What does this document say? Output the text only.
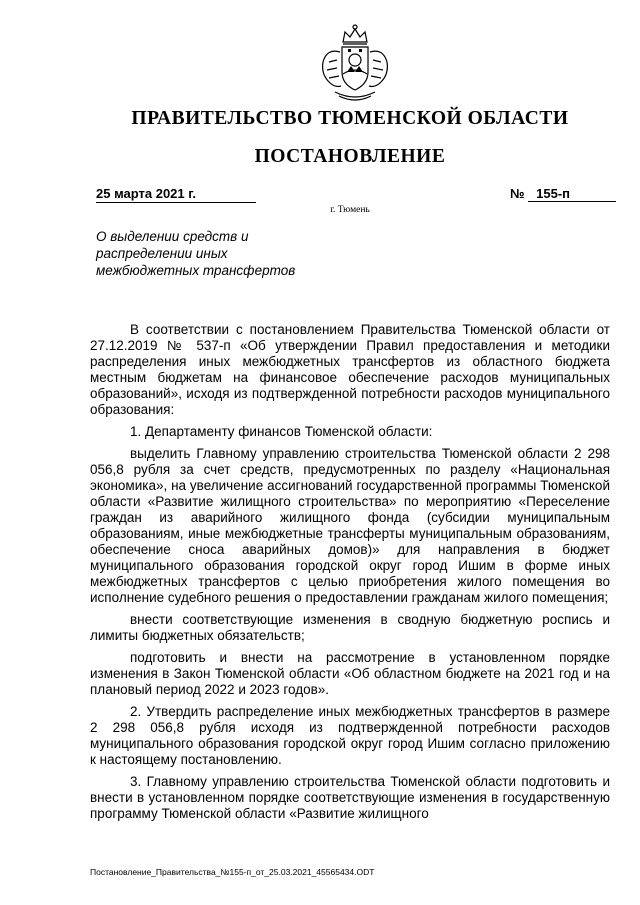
ПРАВИТЕЛЬСТВО ТЮМЕНСКОЙ ОБЛАСТИ
ПОСТАНОВЛЕНИЕ
25 марта 2021 г.	№ 155-п
г. Тюмень
О выделении средств и
распределении иных
межбюджетных трансфертов

В соответствии с постановлением Правительства Тюменской области от 27.12.2019 № 537-п «Об утверждении Правил предоставления и методики распределения иных межбюджетных трансфертов из областного бюджета местным бюджетам на финансовое обеспечение расходов муниципальных образований», исходя из подтвержденной потребности расходов муниципального образования:

1. Департаменту финансов Тюменской области:

выделить Главному управлению строительства Тюменской области 2 298 056,8 рубля за счет средств, предусмотренных по разделу «Национальная экономика», на увеличение ассигнований государственной программы Тюменской области «Развитие жилищного строительства» по мероприятию «Переселение граждан из аварийного жилищного фонда (субсидии муниципальным образованиям, иные межбюджетные трансферты муниципальным образованиям, обеспечение сноса аварийных домов)» для направления в бюджет муниципального образования городской округ город Ишим в форме иных межбюджетных трансфертов с целью приобретения жилого помещения во исполнение судебного решения о предоставлении гражданам жилого помещения;

внести соответствующие изменения в сводную бюджетную роспись и лимиты бюджетных обязательств;

подготовить и внести на рассмотрение в установленном порядке изменения в Закон Тюменской области «Об областном бюджете на 2021 год и на плановый период 2022 и 2023 годов».

2. Утвердить распределение иных межбюджетных трансфертов в размере 2 298 056,8 рубля исходя из подтвержденной потребности расходов муниципального образования городской округ город Ишим согласно приложению к настоящему постановлению.

3. Главному управлению строительства Тюменской области подготовить и внести в установленном порядке соответствующие изменения в государственную программу Тюменской области «Развитие жилищного

Постановление_Правительства_№155-п_от_25.03.2021_45565434.ODT
